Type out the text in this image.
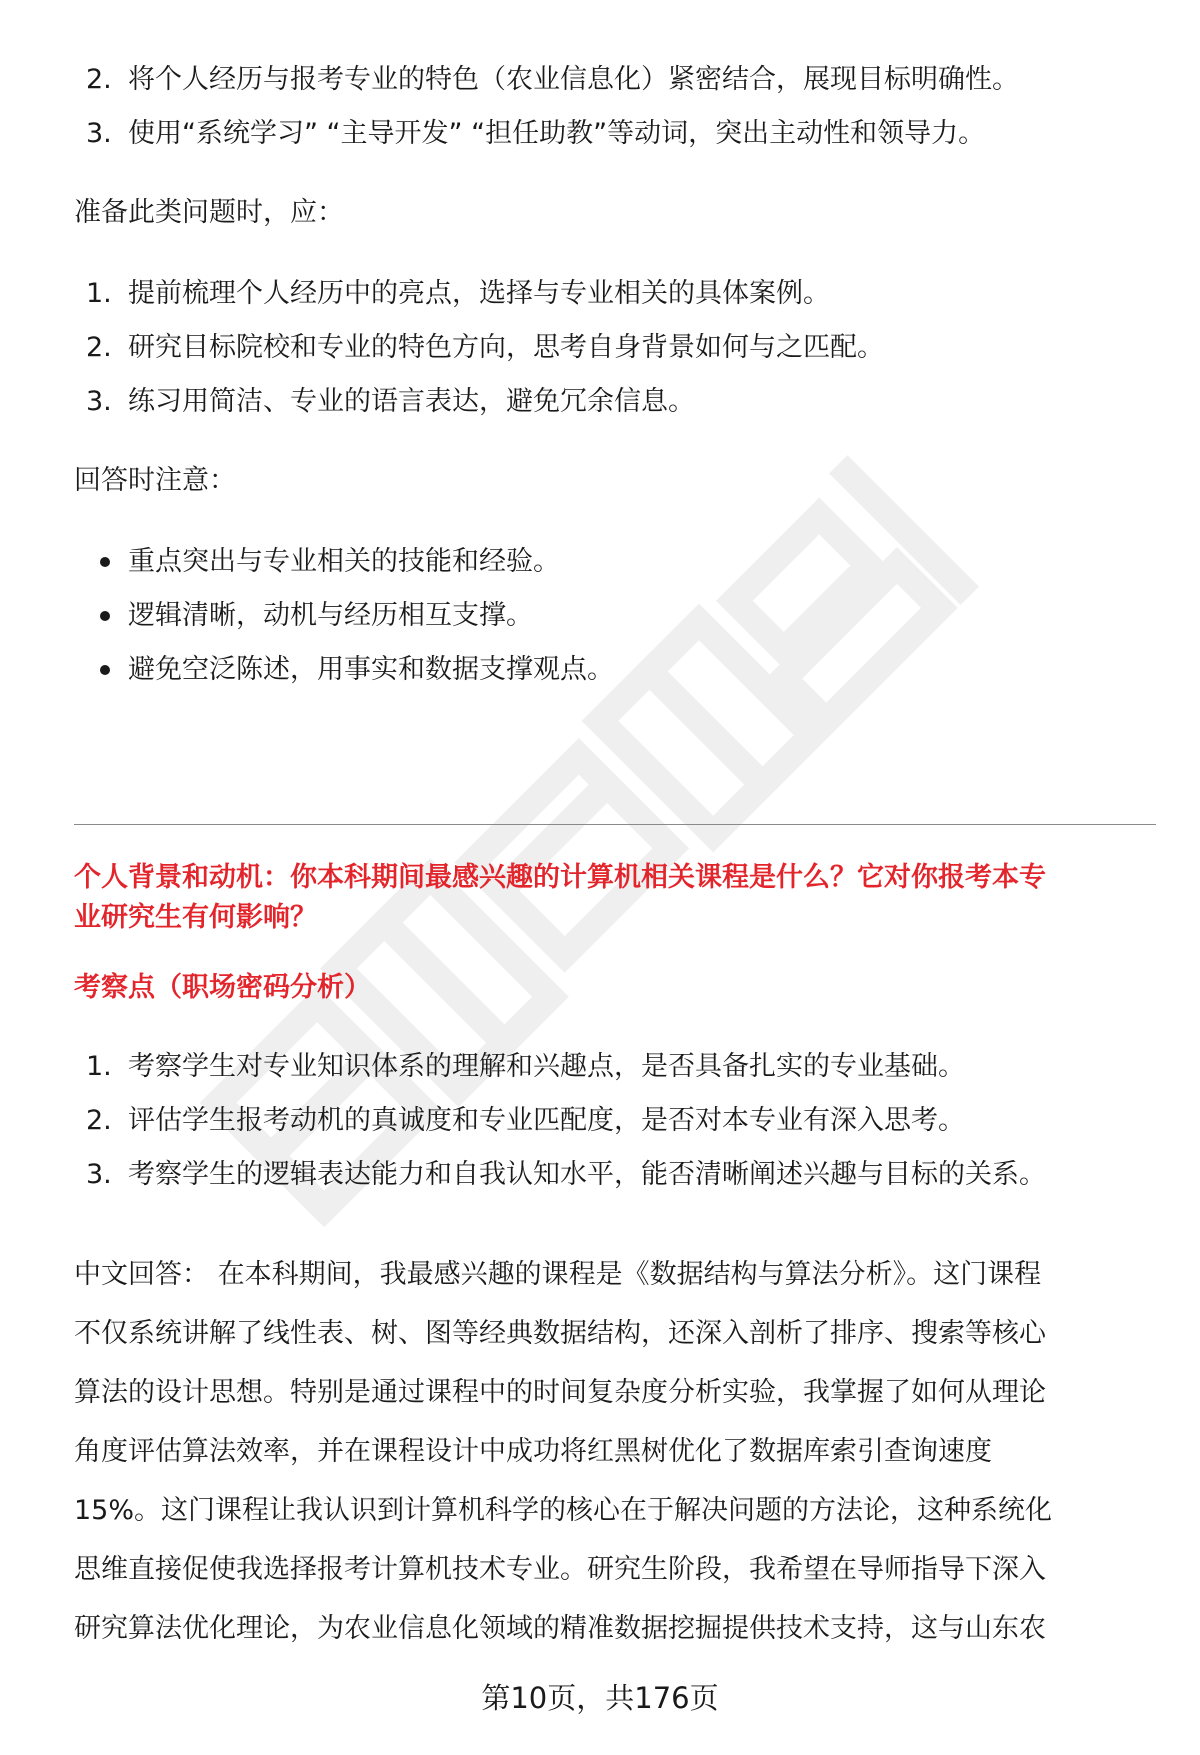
2. 将个人经历与报考专业的特色（农业信息化）紧密结合，展现目标明确性。
3. 使用“系统学习” “主导开发” “担任助教”等动词，突出主动性和领导力。
准备此类问题时，应：
1. 提前梳理个人经历中的亮点，选择与专业相关的具体案例。
2. 研究目标院校和专业的特色方向，思考自身背景如何与之匹配。
3. 练习用简洁、专业的语言表达，避免冗余信息。
回答时注意：
重点突出与专业相关的技能和经验。
逻辑清晰，动机与经历相互支撑。
避免空泛陈述，用事实和数据支撑观点。
个人背景和动机：你本科期间最感兴趣的计算机相关课程是什么？它对你报考本专
业研究生有何影响？
考察点（职场密码分析）
1. 考察学生对专业知识体系的理解和兴趣点，是否具备扎实的专业基础。
2. 评估学生报考动机的真诚度和专业匹配度，是否对本专业有深入思考。
3. 考察学生的逻辑表达能力和自我认知水平，能否清晰阐述兴趣与目标的关系。
中文回答： 在本科期间，我最感兴趣的课程是《数据结构与算法分析》。这门课程
不仅系统讲解了线性表、树、图等经典数据结构，还深入剖析了排序、搜索等核心
算法的设计思想。特别是通过课程中的时间复杂度分析实验，我掌握了如何从理论
角度评估算法效率，并在课程设计中成功将红黑树优化了数据库索引查询速度
15%。这门课程让我认识到计算机科学的核心在于解决问题的方法论，这种系统化
思维直接促使我选择报考计算机技术专业。研究生阶段，我希望在导师指导下深入
研究算法优化理论，为农业信息化领域的精准数据挖掘提供技术支持，这与山东农
第10页，共176页
